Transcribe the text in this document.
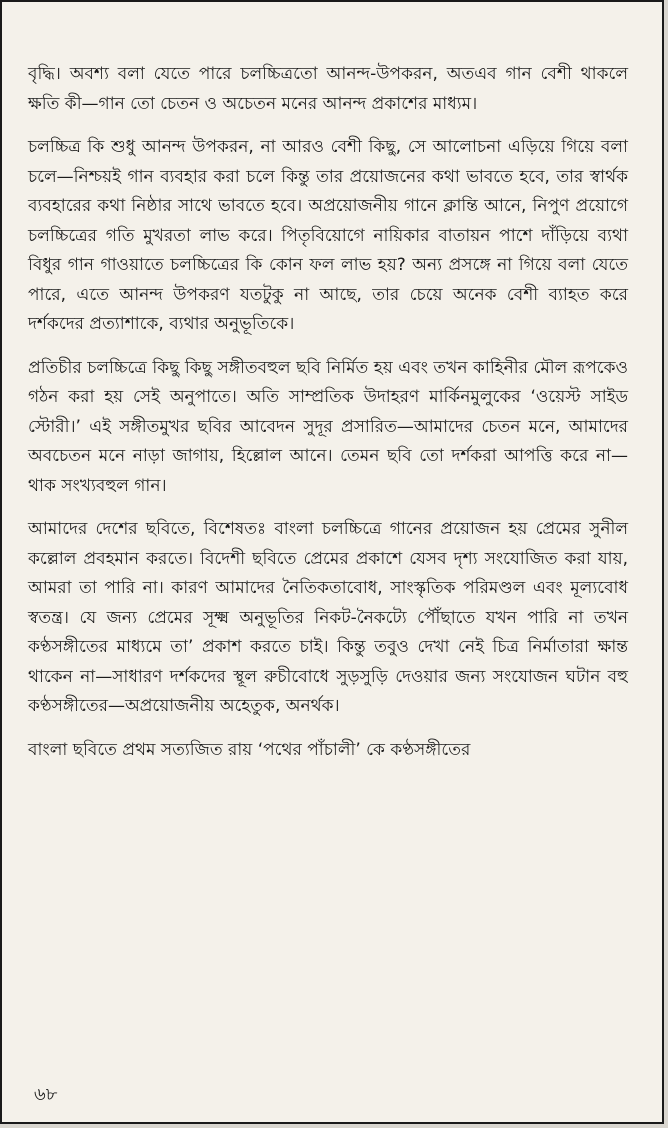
বৃদ্ধি। অবশ্য বলা যেতে পারে চলচ্চিত্রতো আনন্দ-উপকরন, অতএব গান বেশী থাকলে ক্ষতি কী—গান তো চেতন ও অচেতন মনের আনন্দ প্রকাশের মাধ্যম।

চলচ্চিত্র কি শুধু আনন্দ উপকরন, না আরও বেশী কিছু, সে আলোচনা এড়িয়ে গিয়ে বলা চলে—নিশ্চয়ই গান ব্যবহার করা চলে কিন্তু তার প্রয়োজনের কথা ভাবতে হবে, তার স্বার্থক ব্যবহারের কথা নিষ্ঠার সাথে ভাবতে হবে। অপ্রয়োজনীয় গানে ক্লান্তি আনে, নিপুণ প্রয়োগে চলচ্চিত্রের গতি মুখরতা লাভ করে। পিতৃবিয়োগে নায়িকার বাতায়ন পাশে দাঁড়িয়ে ব্যথা বিধুর গান গাওয়াতে চলচ্চিত্রের কি কোন ফল লাভ হয়? অন্য প্রসঙ্গে না গিয়ে বলা যেতে পারে, এতে আনন্দ উপকরণ যতটুকু না আছে, তার চেয়ে অনেক বেশী ব্যাহত করে দর্শকদের প্রত্যাশাকে, ব্যথার অনুভূতিকে।

প্রতিচীর চলচ্চিত্রে কিছু কিছু সঙ্গীতবহুল ছবি নির্মিত হয় এবং তখন কাহিনীর মৌল রূপকেও গঠন করা হয় সেই অনুপাতে। অতি সাম্প্রতিক উদাহরণ মার্কিনমুলুকের ‘ওয়েস্ট সাইড স্টোরী।’ এই সঙ্গীতমুখর ছবির আবেদন সুদূর প্রসারিত—আমাদের চেতন মনে, আমাদের অবচেতন মনে নাড়া জাগায়, হিল্লোল আনে। তেমন ছবি তো দর্শকরা আপত্তি করে না—থাক সংখ্যবহুল গান।

আমাদের দেশের ছবিতে, বিশেষতঃ বাংলা চলচ্চিত্রে গানের প্রয়োজন হয় প্রেমের সুনীল কল্লোল প্রবহমান করতে। বিদেশী ছবিতে প্রেমের প্রকাশে যেসব দৃশ্য সংযোজিত করা যায়, আমরা তা পারি না। কারণ আমাদের নৈতিকতাবোধ, সাংস্কৃতিক পরিমণ্ডল এবং মূল্যবোধ স্বতন্ত্র। যে জন্য প্রেমের সূক্ষ্ম অনুভূতির নিকট-নৈকট্যে পৌঁছাতে যখন পারি না তখন কণ্ঠসঙ্গীতের মাধ্যমে তা’ প্রকাশ করতে চাই। কিন্তু তবুও দেখা নেই চিত্র নির্মাতারা ক্ষান্ত থাকেন না—সাধারণ দর্শকদের স্থূল রুচীবোধে সুড়সুড়ি দেওয়ার জন্য সংযোজন ঘটান বহু কণ্ঠসঙ্গীতের—অপ্রয়োজনীয় অহেতুক, অনর্থক।

বাংলা ছবিতে প্রথম সত্যজিত রায় ‘পথের পাঁচালী’ কে কণ্ঠসঙ্গীতের

৬৮
